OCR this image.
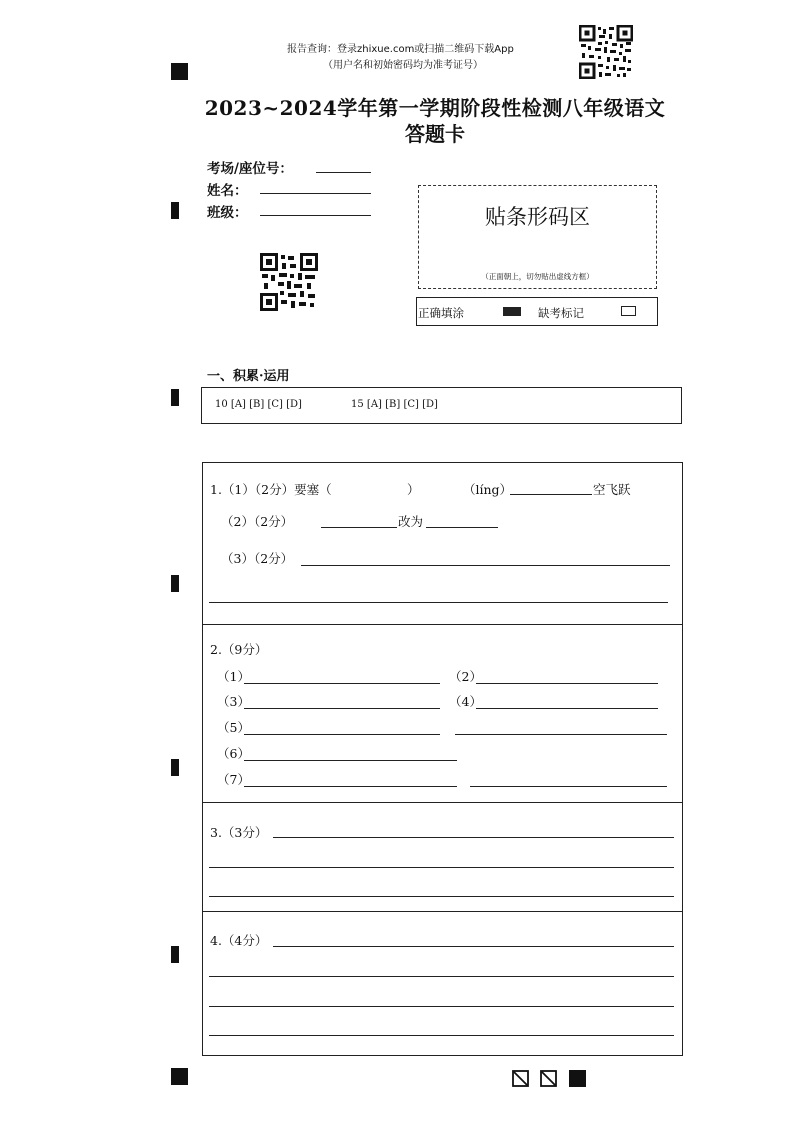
报告查询：登录zhixue.com或扫描二维码下载App
（用户名和初始密码均为准考证号）
2023~2024学年第一学期阶段性检测八年级语文
答题卡
考场/座位号：
姓名：
班级：	贴条形码区
（正面朝上，切勿贴出虚线方框）
正确填涂	缺考标记
一、积累·运用
10 [A] [B] [C] [D]	15 [A] [B] [C] [D]
1.（1）（2分）要塞（	）	（líng）	空飞跃
（2）（2分）	改为
（3）（2分）
2.（9分）
（1）	（2）
（3）	（4）
（5）
（6）
（7）
3.（3分）
4.（4分）
